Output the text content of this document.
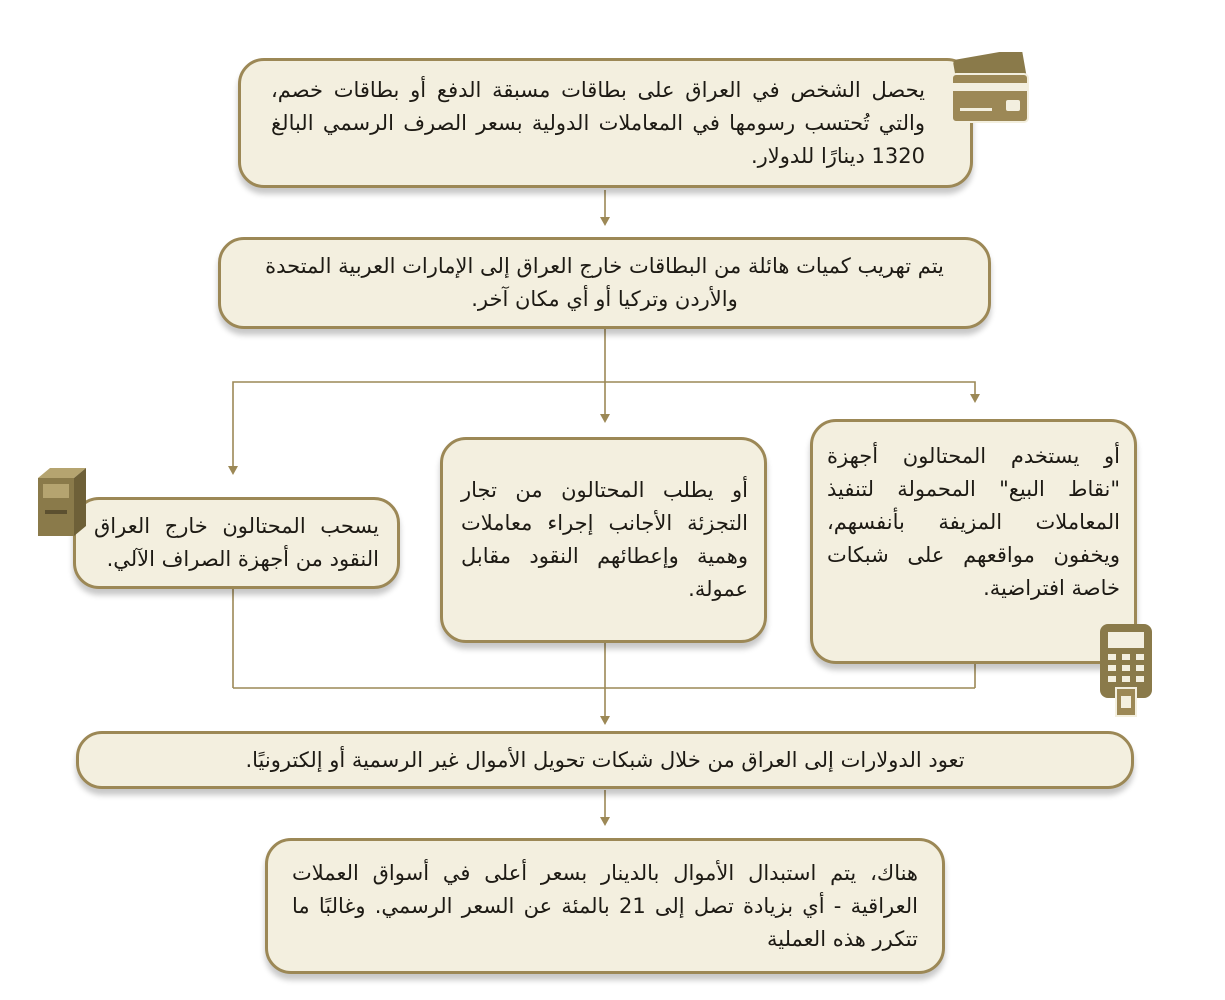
يحصل الشخص في العراق على بطاقات مسبقة الدفع أو بطاقات خصم، والتي تُحتسب رسومها في المعاملات الدولية بسعر الصرف الرسمي البالغ 1320 دينارًا للدولار.

يتم تهريب كميات هائلة من البطاقات خارج العراق إلى الإمارات العربية المتحدة والأردن وتركيا أو أي مكان آخر.

يسحب المحتالون خارج العراق النقود من أجهزة الصراف الآلي.

أو يطلب المحتالون من تجار التجزئة الأجانب إجراء معاملات وهمية وإعطائهم النقود مقابل عمولة.

أو يستخدم المحتالون أجهزة "نقاط البيع" المحمولة لتنفيذ المعاملات المزيفة بأنفسهم، ويخفون مواقعهم على شبكات خاصة افتراضية.

تعود الدولارات إلى العراق من خلال شبكات تحويل الأموال غير الرسمية أو إلكترونيًا.

هناك، يتم استبدال الأموال بالدينار بسعر أعلى في أسواق العملات العراقية - أي بزيادة تصل إلى 21 بالمئة عن السعر الرسمي. وغالبًا ما تتكرر هذه العملية
